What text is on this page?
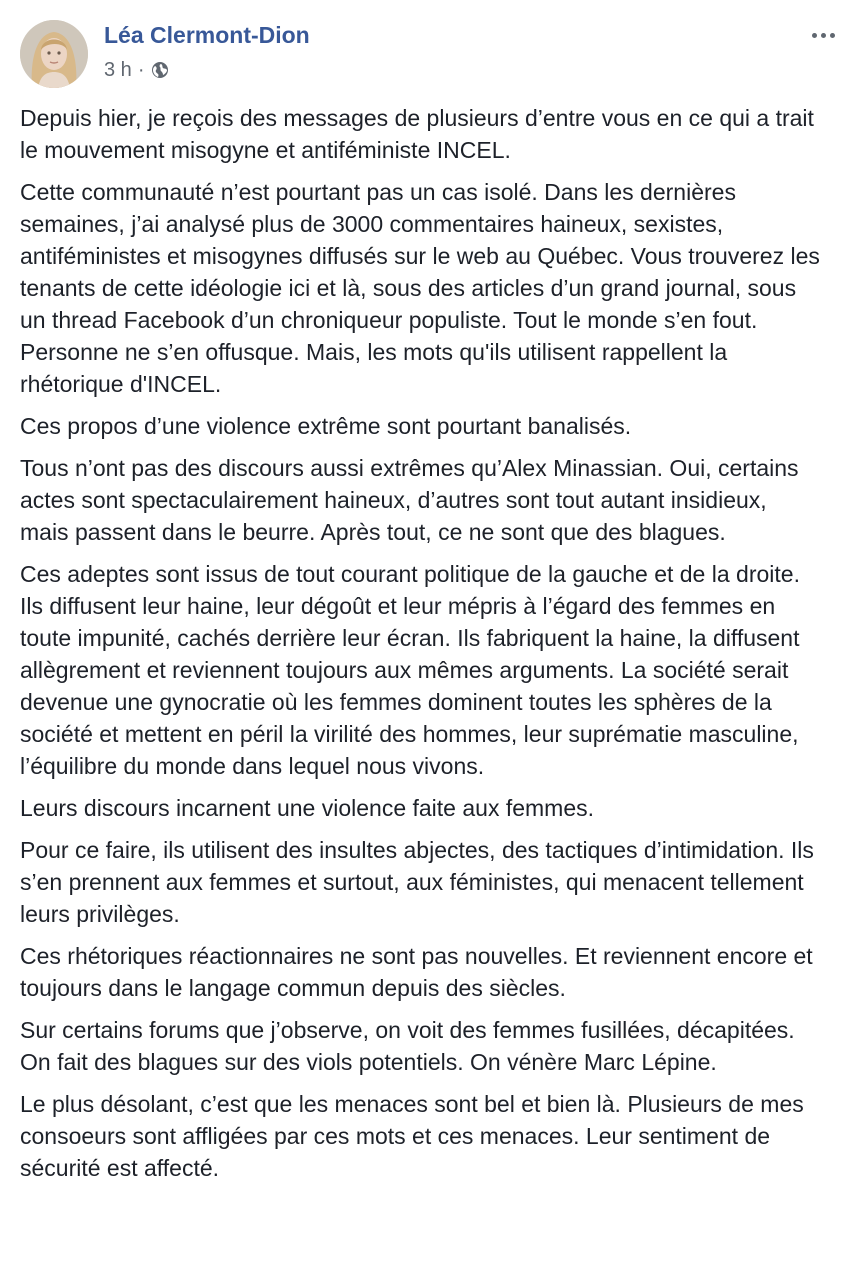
Léa Clermont-Dion
3 h ·

Depuis hier, je reçois des messages de plusieurs d’entre vous en ce qui a trait le mouvement misogyne et antiféministe INCEL.

Cette communauté n’est pourtant pas un cas isolé. Dans les dernières semaines, j’ai analysé plus de 3000 commentaires haineux, sexistes, antiféministes et misogynes diffusés sur le web au Québec. Vous trouverez les tenants de cette idéologie ici et là, sous des articles d’un grand journal, sous un thread Facebook d’un chroniqueur populiste. Tout le monde s’en fout. Personne ne s’en offusque. Mais, les mots qu'ils utilisent rappellent la rhétorique d'INCEL.

Ces propos d’une violence extrême sont pourtant banalisés.

Tous n’ont pas des discours aussi extrêmes qu’Alex Minassian. Oui, certains actes sont spectaculairement haineux, d’autres sont tout autant insidieux, mais passent dans le beurre. Après tout, ce ne sont que des blagues.

Ces adeptes sont issus de tout courant politique de la gauche et de la droite. Ils diffusent leur haine, leur dégoût et leur mépris à l’égard des femmes en toute impunité, cachés derrière leur écran. Ils fabriquent la haine, la diffusent allègrement et reviennent toujours aux mêmes arguments. La société serait devenue une gynocratie où les femmes dominent toutes les sphères de la société et mettent en péril la virilité des hommes, leur suprématie masculine, l’équilibre du monde dans lequel nous vivons.

Leurs discours incarnent une violence faite aux femmes.

Pour ce faire, ils utilisent des insultes abjectes, des tactiques d’intimidation. Ils s’en prennent aux femmes et surtout, aux féministes, qui menacent tellement leurs privilèges.

Ces rhétoriques réactionnaires ne sont pas nouvelles. Et reviennent encore et toujours dans le langage commun depuis des siècles.

Sur certains forums que j’observe, on voit des femmes fusillées, décapitées. On fait des blagues sur des viols potentiels. On vénère Marc Lépine.

Le plus désolant, c’est que les menaces sont bel et bien là. Plusieurs de mes consoeurs sont affligées par ces mots et ces menaces. Leur sentiment de sécurité est affecté.
